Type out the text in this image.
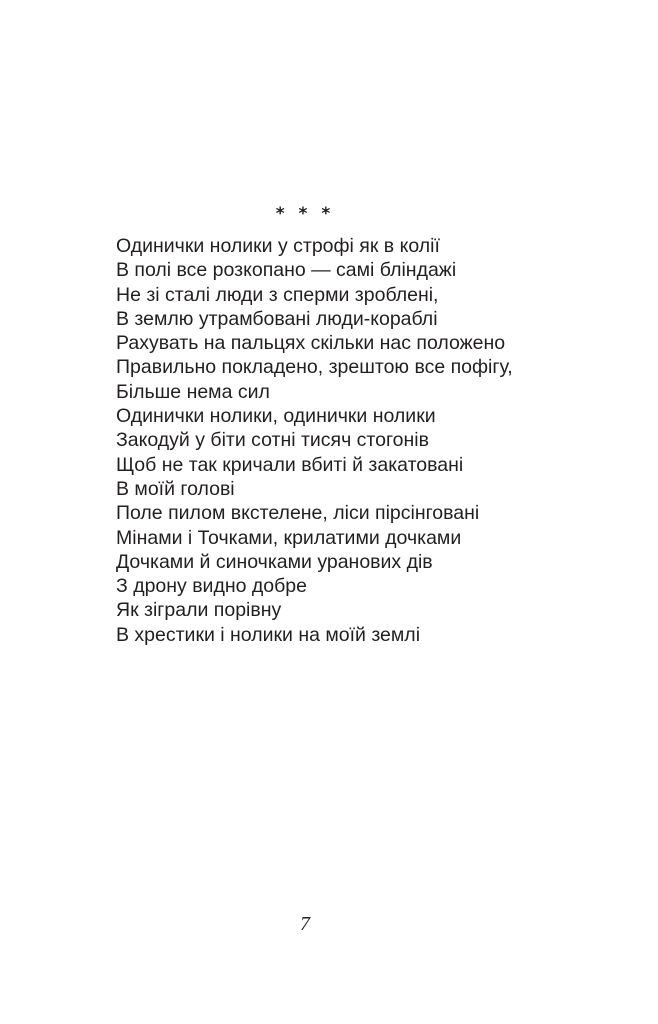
* * *
Одинички нолики у строфі як в колії
В полі все розкопано — самі бліндажі
Не зі сталі люди з сперми зроблені,
В землю утрамбовані люди-кораблі
Рахувать на пальцях скільки нас положено
Правильно покладено, зрештою все пофігу,
Більше нема сил
Одинички нолики, одинички нолики
Закодуй у біти сотні тисяч стогонів
Щоб не так кричали вбиті й закатовані
В моїй голові
Поле пилом вкстелене, ліси пірсінговані
Мінами і Точками, крилатими дочками
Дочками й синочками уранових дів
З дрону видно добре
Як зіграли порівну
В хрестики і нолики на моїй землі
7
